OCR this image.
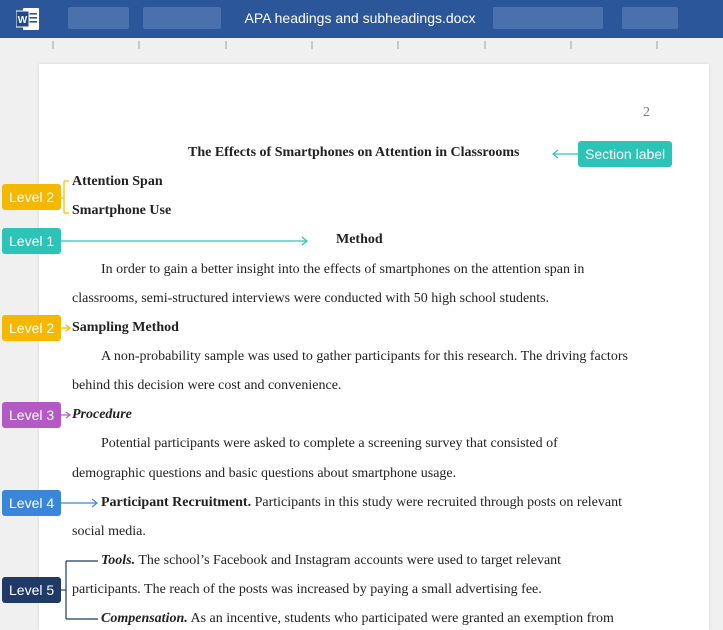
W	APA headings and subheadings.docx
2
The Effects of Smartphones on Attention in Classrooms
Attention Span
Smartphone Use
Method
In order to gain a better insight into the effects of smartphones on the attention span in
classrooms, semi-structured interviews were conducted with 50 high school students.
Sampling Method
A non-probability sample was used to gather participants for this research. The driving factors
behind this decision were cost and convenience.
Procedure
Potential participants were asked to complete a screening survey that consisted of
demographic questions and basic questions about smartphone usage.
Participant Recruitment. Participants in this study were recruited through posts on relevant
social media.
Tools. The school’s Facebook and Instagram accounts were used to target relevant
participants. The reach of the posts was increased by paying a small advertising fee.
Compensation. As an incentive, students who participated were granted an exemption from
Section label
Level 2
Level 1
Level 2
Level 3
Level 4
Level 5
